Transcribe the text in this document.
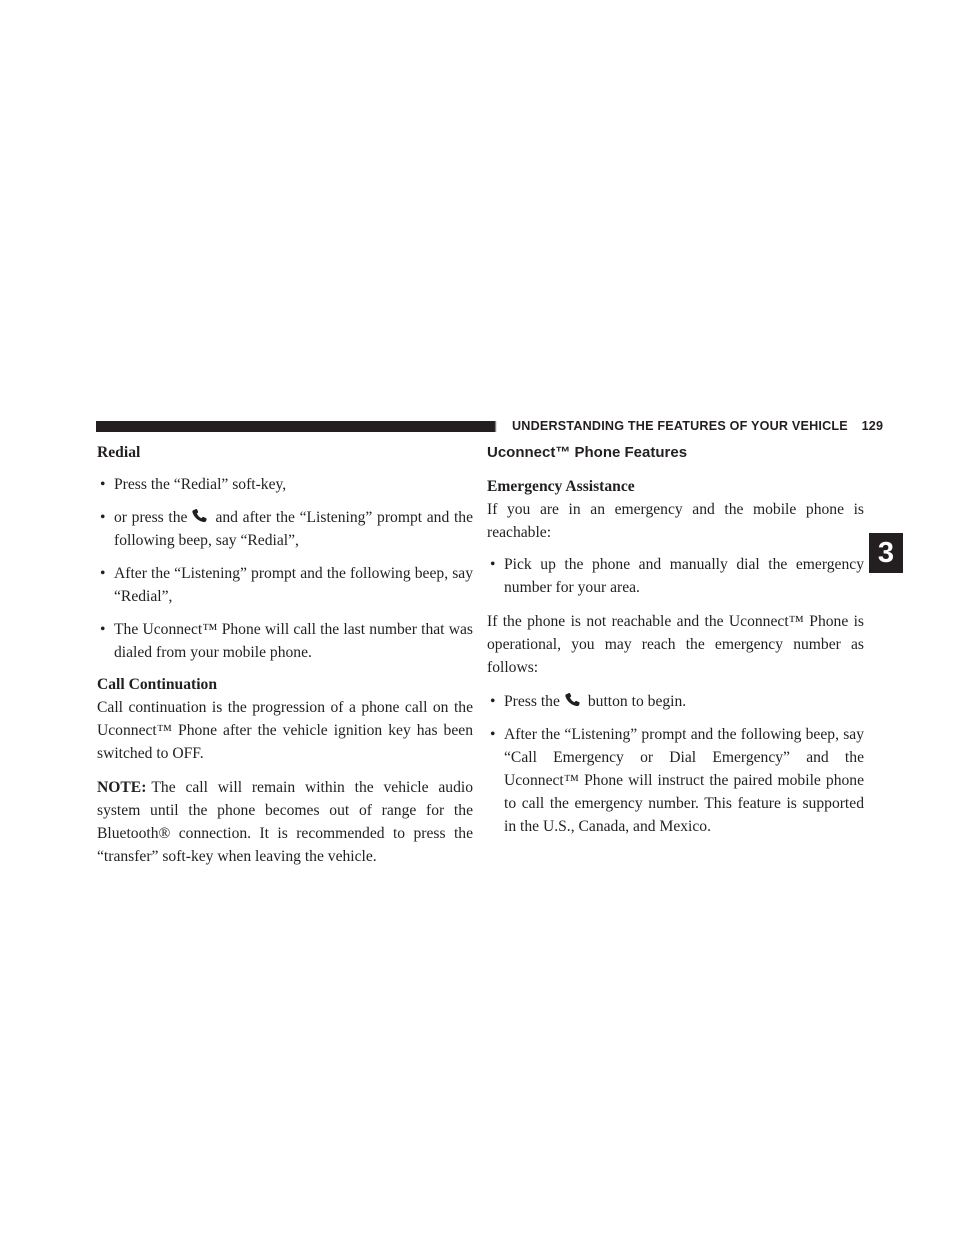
UNDERSTANDING THE FEATURES OF YOUR VEHICLE 129
3
Redial
• Press the “Redial” soft-key,
• or press the and after the “Listening” prompt and the following beep, say “Redial”,
• After the “Listening” prompt and the following beep, say “Redial”,
• The Uconnect™ Phone will call the last number that was dialed from your mobile phone.
Call Continuation

Call continuation is the progression of a phone call on the Uconnect™ Phone after the vehicle ignition key has been switched to OFF.

NOTE: The call will remain within the vehicle audio system until the phone becomes out of range for the Bluetooth® connection. It is recommended to press the “transfer” soft-key when leaving the vehicle.

Uconnect™ Phone Features
Emergency Assistance

If you are in an emergency and the mobile phone is reachable:

• Pick up the phone and manually dial the emergency number for your area.

If the phone is not reachable and the Uconnect™ Phone is operational, you may reach the emergency number as follows:

• Press the button to begin.
• After the “Listening” prompt and the following beep, say “Call Emergency or Dial Emergency” and the Uconnect™ Phone will instruct the paired mobile phone to call the emergency number. This feature is supported in the U.S., Canada, and Mexico.
